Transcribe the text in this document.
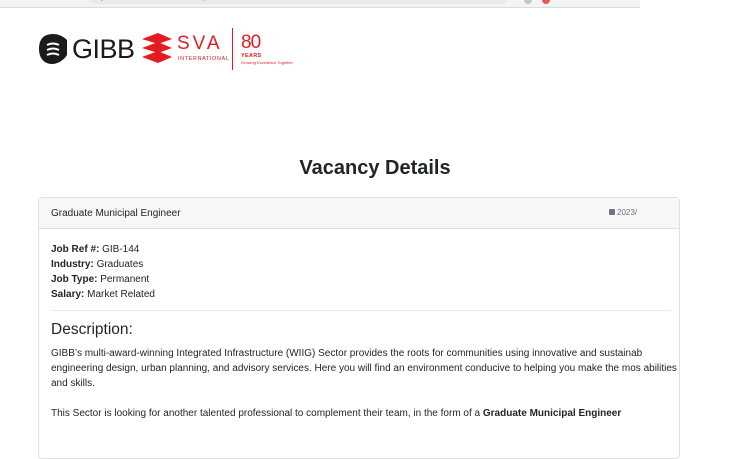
GIBB SVA
INTERNATIONAL
80
YEARS
Growing Excellence Together
Vacancy Details
Graduate Municipal Engineer	2023/
Job Ref #: GIB-144
Industry: Graduates
Job Type: Permanent
Salary: Market Related
Description:

GIBB’s multi-award-winning Integrated Infrastructure (WIIG) Sector provides the roots for communities using innovative and sustainab engineering design, urban planning, and advisory services. Here you will find an environment conducive to helping you make the mos abilities and skills.

This Sector is looking for another talented professional to complement their team, in the form of a Graduate Municipal Engineer
